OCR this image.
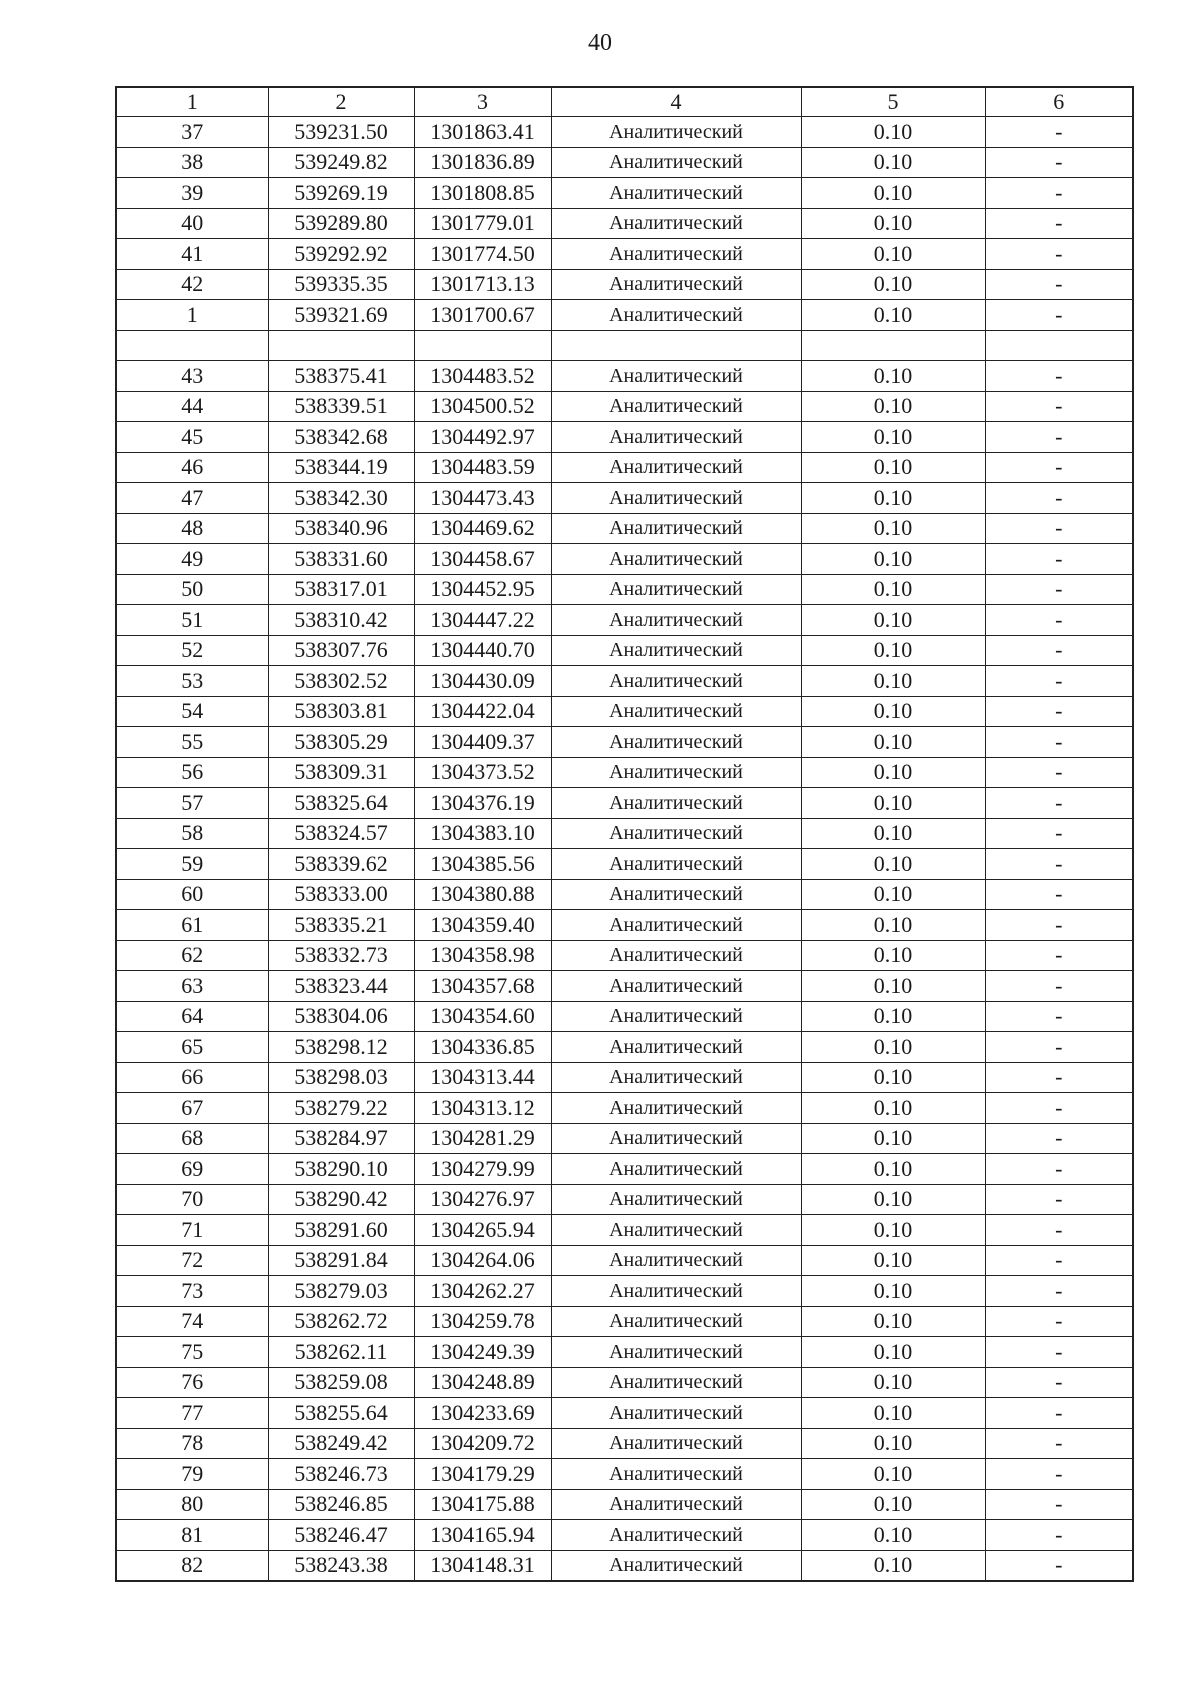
40
1	2	3	4	5	6
37	539231.50	1301863.41	Аналитический	0.10	-
38	539249.82	1301836.89	Аналитический	0.10	-
39	539269.19	1301808.85	Аналитический	0.10	-
40	539289.80	1301779.01	Аналитический	0.10	-
41	539292.92	1301774.50	Аналитический	0.10	-
42	539335.35	1301713.13	Аналитический	0.10	-
1	539321.69	1301700.67	Аналитический	0.10	-

43	538375.41	1304483.52	Аналитический	0.10	-
44	538339.51	1304500.52	Аналитический	0.10	-
45	538342.68	1304492.97	Аналитический	0.10	-
46	538344.19	1304483.59	Аналитический	0.10	-
47	538342.30	1304473.43	Аналитический	0.10	-
48	538340.96	1304469.62	Аналитический	0.10	-
49	538331.60	1304458.67	Аналитический	0.10	-
50	538317.01	1304452.95	Аналитический	0.10	-
51	538310.42	1304447.22	Аналитический	0.10	-
52	538307.76	1304440.70	Аналитический	0.10	-
53	538302.52	1304430.09	Аналитический	0.10	-
54	538303.81	1304422.04	Аналитический	0.10	-
55	538305.29	1304409.37	Аналитический	0.10	-
56	538309.31	1304373.52	Аналитический	0.10	-
57	538325.64	1304376.19	Аналитический	0.10	-
58	538324.57	1304383.10	Аналитический	0.10	-
59	538339.62	1304385.56	Аналитический	0.10	-
60	538333.00	1304380.88	Аналитический	0.10	-
61	538335.21	1304359.40	Аналитический	0.10	-
62	538332.73	1304358.98	Аналитический	0.10	-
63	538323.44	1304357.68	Аналитический	0.10	-
64	538304.06	1304354.60	Аналитический	0.10	-
65	538298.12	1304336.85	Аналитический	0.10	-
66	538298.03	1304313.44	Аналитический	0.10	-
67	538279.22	1304313.12	Аналитический	0.10	-
68	538284.97	1304281.29	Аналитический	0.10	-
69	538290.10	1304279.99	Аналитический	0.10	-
70	538290.42	1304276.97	Аналитический	0.10	-
71	538291.60	1304265.94	Аналитический	0.10	-
72	538291.84	1304264.06	Аналитический	0.10	-
73	538279.03	1304262.27	Аналитический	0.10	-
74	538262.72	1304259.78	Аналитический	0.10	-
75	538262.11	1304249.39	Аналитический	0.10	-
76	538259.08	1304248.89	Аналитический	0.10	-
77	538255.64	1304233.69	Аналитический	0.10	-
78	538249.42	1304209.72	Аналитический	0.10	-
79	538246.73	1304179.29	Аналитический	0.10	-
80	538246.85	1304175.88	Аналитический	0.10	-
81	538246.47	1304165.94	Аналитический	0.10	-
82	538243.38	1304148.31	Аналитический	0.10	-
